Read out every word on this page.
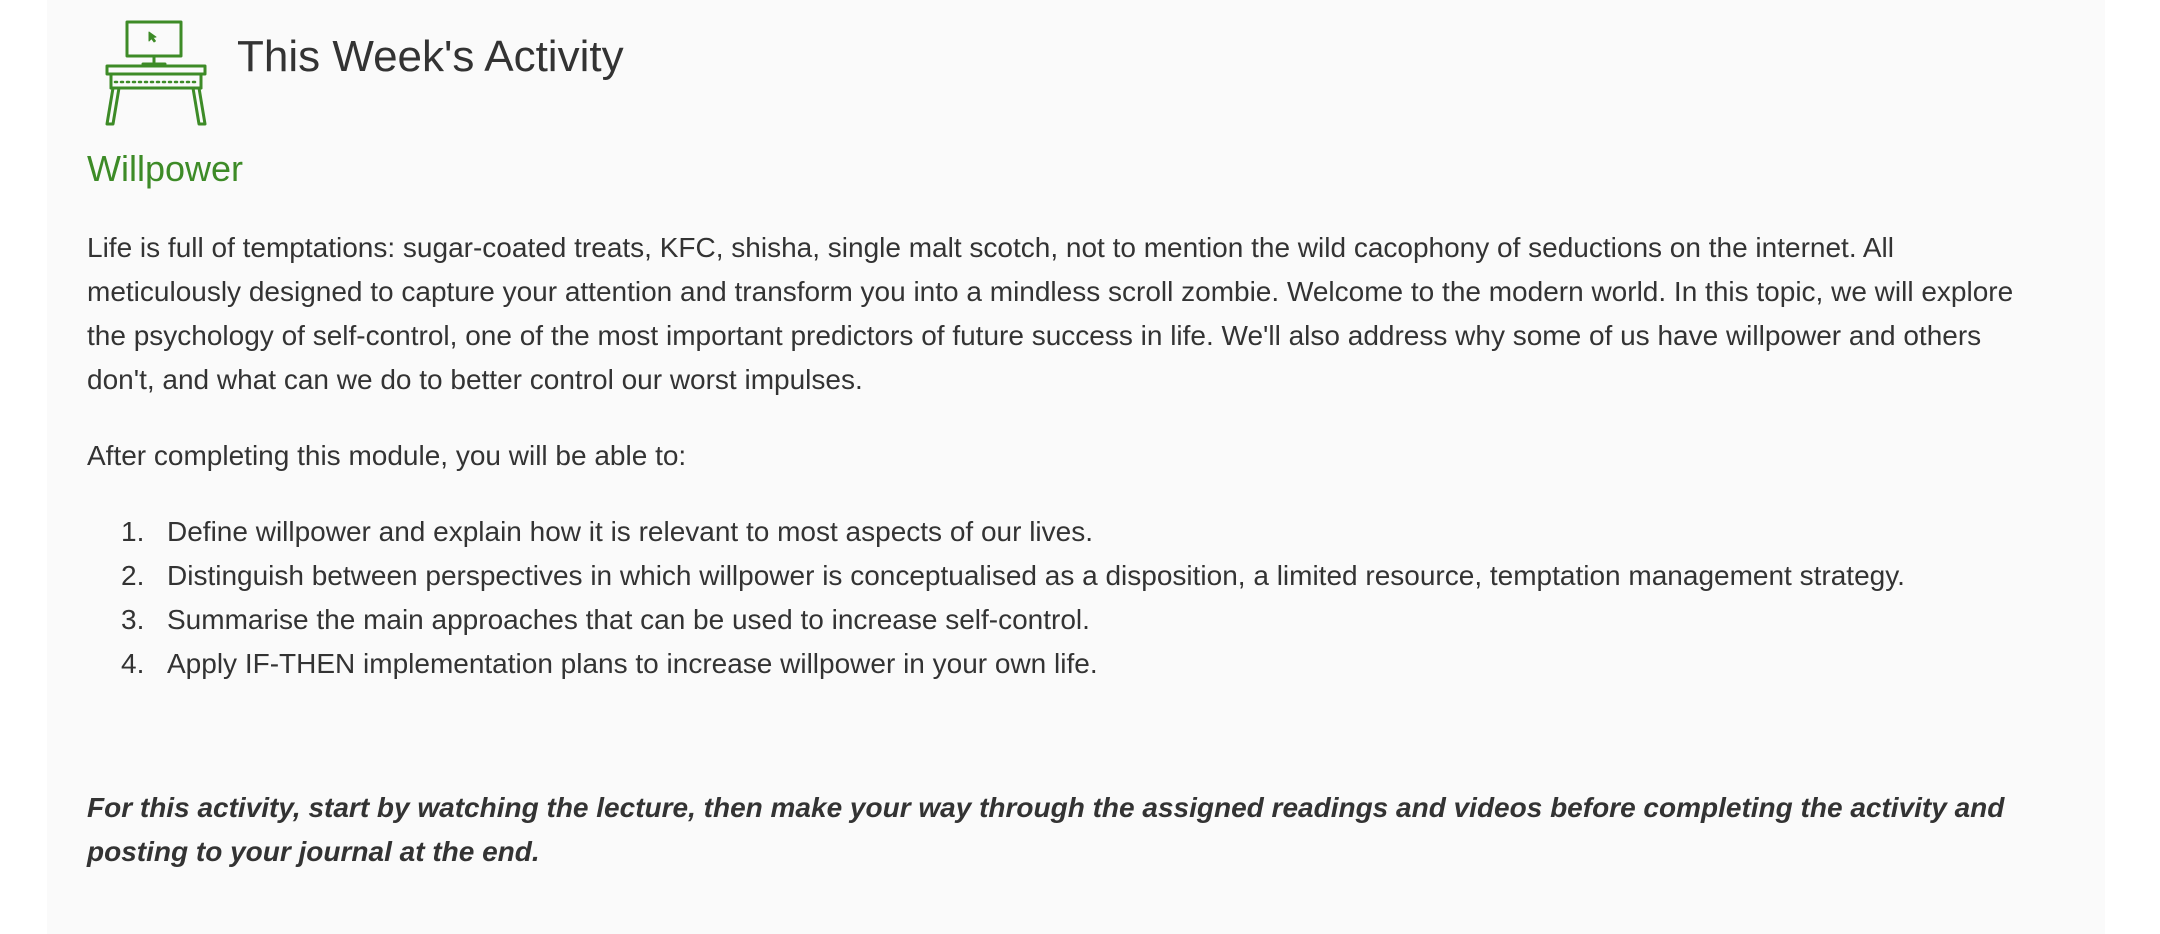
This Week's Activity
Willpower

Life is full of temptations: sugar-coated treats, KFC, shisha, single malt scotch, not to mention the wild cacophony of seductions on the internet. All meticulously designed to capture your attention and transform you into a mindless scroll zombie. Welcome to the modern world. In this topic, we will explore the psychology of self-control, one of the most important predictors of future success in life. We'll also address why some of us have willpower and others don't, and what can we do to better control our worst impulses.

After completing this module, you will be able to:

1. Define willpower and explain how it is relevant to most aspects of our lives.
2. Distinguish between perspectives in which willpower is conceptualised as a disposition, a limited resource, temptation management strategy.
3. Summarise the main approaches that can be used to increase self-control.
4. Apply IF-THEN implementation plans to increase willpower in your own life.

For this activity, start by watching the lecture, then make your way through the assigned readings and videos before completing the activity and posting to your journal at the end.
